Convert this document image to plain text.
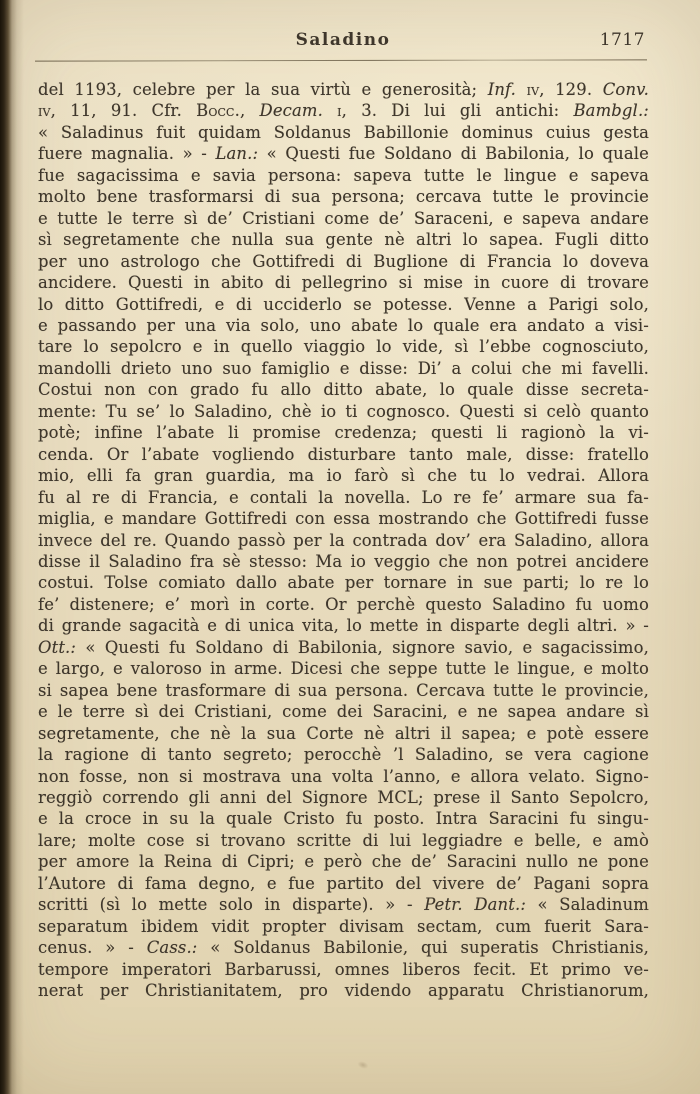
Saladino	1717
del 1193, celebre per la sua virtù e generosità; Inf. iv, 129. Conv.
iv, 11, 91. Cfr. Bocc., Decam. i, 3. Di lui gli antichi: Bambgl.:
« Saladinus fuit quidam Soldanus Babillonie dominus cuius gesta
fuere magnalia. » - Lan.: « Questi fue Soldano di Babilonia, lo quale
fue sagacissima e savia persona: sapeva tutte le lingue e sapeva
molto bene trasformarsi di sua persona; cercava tutte le provincie
e tutte le terre sì de’ Cristiani come de’ Saraceni, e sapeva andare
sì segretamente che nulla sua gente nè altri lo sapea. Fugli ditto
per uno astrologo che Gottifredi di Buglione di Francia lo doveva
ancidere. Questi in abito di pellegrino si mise in cuore di trovare
lo ditto Gottifredi, e di ucciderlo se potesse. Venne a Parigi solo,
e passando per una via solo, uno abate lo quale era andato a visi-
tare lo sepolcro e in quello viaggio lo vide, sì l’ebbe cognosciuto,
mandolli drieto uno suo famiglio e disse: Di’ a colui che mi favelli.
Costui non con grado fu allo ditto abate, lo quale disse secreta-
mente: Tu se’ lo Saladino, chè io ti cognosco. Questi si celò quanto
potè; infine l’abate li promise credenza; questi li ragionò la vi-
cenda. Or l’abate vogliendo disturbare tanto male, disse: fratello
mio, elli fa gran guardia, ma io farò sì che tu lo vedrai. Allora
fu al re di Francia, e contali la novella. Lo re fe’ armare sua fa-
miglia, e mandare Gottifredi con essa mostrando che Gottifredi fusse
invece del re. Quando passò per la contrada dov’ era Saladino, allora
disse il Saladino fra sè stesso: Ma io veggio che non potrei ancidere
costui. Tolse comiato dallo abate per tornare in sue parti; lo re lo
fe’ distenere; e’ morì in corte. Or perchè questo Saladino fu uomo
di grande sagacità e di unica vita, lo mette in disparte degli altri. » -
Ott.: « Questi fu Soldano di Babilonia, signore savio, e sagacissimo,
e largo, e valoroso in arme. Dicesi che seppe tutte le lingue, e molto
si sapea bene trasformare di sua persona. Cercava tutte le provincie,
e le terre sì dei Cristiani, come dei Saracini, e ne sapea andare sì
segretamente, che nè la sua Corte nè altri il sapea; e potè essere
la ragione di tanto segreto; perocchè ’l Saladino, se vera cagione
non fosse, non si mostrava una volta l’anno, e allora velato. Signo-
reggiò correndo gli anni del Signore MCL; prese il Santo Sepolcro,
e la croce in su la quale Cristo fu posto. Intra Saracini fu singu-
lare; molte cose si trovano scritte di lui leggiadre e belle, e amò
per amore la Reina di Cipri; e però che de’ Saracini nullo ne pone
l’Autore di fama degno, e fue partito del vivere de’ Pagani sopra
scritti (sì lo mette solo in disparte). » - Petr. Dant.: « Saladinum
separatum ibidem vidit propter divisam sectam, cum fuerit Sara-
cenus. » - Cass.: « Soldanus Babilonie, qui superatis Christianis,
tempore imperatori Barbarussi, omnes liberos fecit. Et primo ve-
nerat per Christianitatem, pro videndo apparatu Christianorum,
